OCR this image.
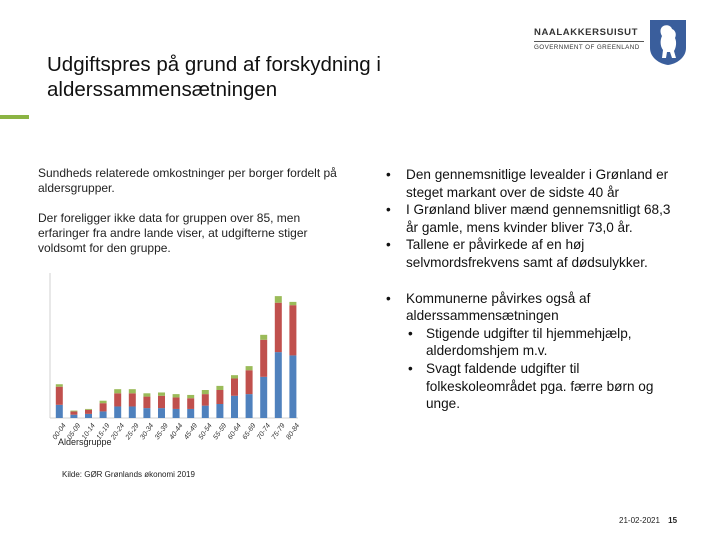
Udgiftspres på grund af forskydning i alderssammensætningen
NAALAKKERSUISUT
GOVERNMENT OF GREENLAND

Sundheds relaterede omkostninger per borger fordelt på aldersgrupper.

Der foreligger ikke data for gruppen over 85, men erfaringer fra andre lande viser, at udgifterne stiger voldsomt for den gruppe.

00-04
05-09
10-14
15-19
20-24
25-29
30-34
35-39
40-44
45-49
50-54
55-59
60-64
65-69
70-74
75-79
80-84
Aldersgruppe
Kilde: GØR Grønlands økonomi 2019
• Den gennemsnitlige levealder i Grønland er steget markant over de sidste 40 år
• I Grønland bliver mænd gennemsnitligt 68,3 år gamle, mens kvinder bliver 73,0 år.
• Tallene er påvirkede af en høj selvmordsfrekvens samt af dødsulykker.
• Kommunerne påvirkes også af alderssammensætningen
• Stigende udgifter til hjemmehjælp, alderdomshjem m.v.
• Svagt faldende udgifter til folkeskoleområdet pga. færre børn og unge.
21-02-2021 15
